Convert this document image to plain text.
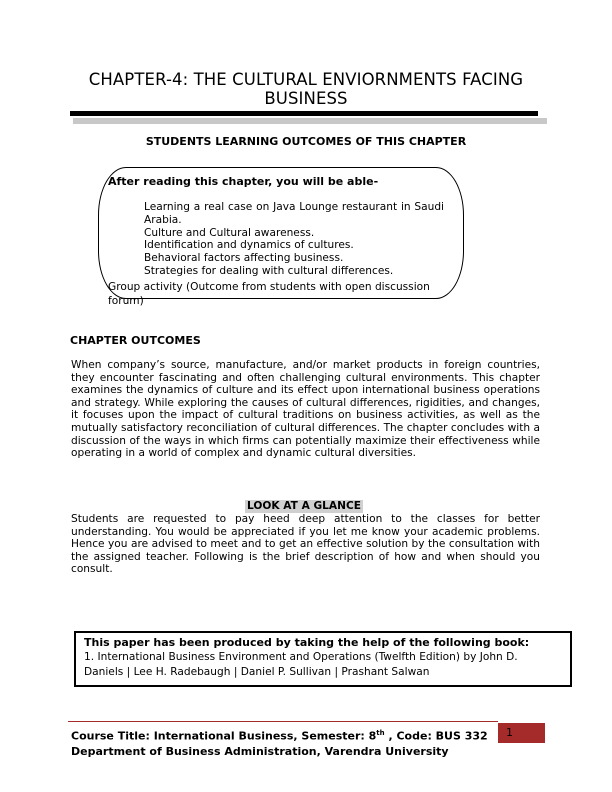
CHAPTER-4: THE CULTURAL ENVIORNMENTS FACING
BUSINESS
STUDENTS LEARNING OUTCOMES OF THIS CHAPTER
After reading this chapter, you will be able-
Learning a real case on Java Lounge restaurant in Saudi Arabia.
Culture and Cultural awareness.
Identification and dynamics of cultures.
Behavioral factors affecting business.
Strategies for dealing with cultural differences.
Group activity (Outcome from students with open discussion forum)
CHAPTER OUTCOMES

When company’s source, manufacture, and/or market products in foreign countries, they encounter fascinating and often challenging cultural environments. This chapter examines the dynamics of culture and its effect upon international business operations and strategy. While exploring the causes of cultural differences, rigidities, and changes, it focuses upon the impact of cultural traditions on business activities, as well as the mutually satisfactory reconciliation of cultural differences. The chapter concludes with a discussion of the ways in which firms can potentially maximize their effectiveness while operating in a world of complex and dynamic cultural diversities.

LOOK AT A GLANCE

Students are requested to pay heed deep attention to the classes for better understanding. You would be appreciated if you let me know your academic problems. Hence you are advised to meet and to get an effective solution by the consultation with the assigned teacher. Following is the brief description of how and when should you consult.

This paper has been produced by taking the help of the following book:
1. International Business Environment and Operations (Twelfth Edition) by John D. Daniels | Lee H. Radebaugh | Daniel P. Sullivan | Prashant Salwan
Course Title: International Business, Semester: 8th , Code: BUS 332
Department of Business Administration, Varendra University
1
